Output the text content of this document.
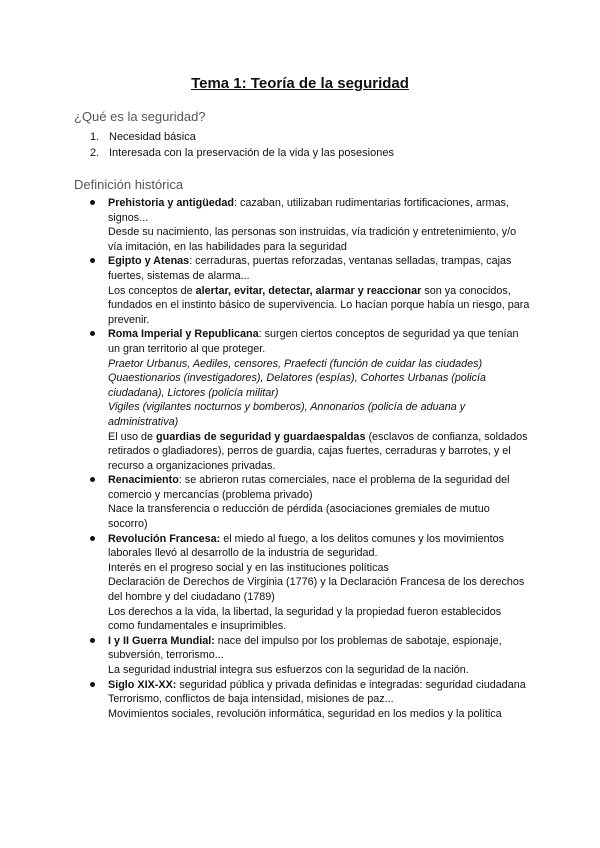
Tema 1: Teoría de la seguridad
¿Qué es la seguridad?
1. Necesidad básica
2. Interesada con la preservación de la vida y las posesiones
Definición histórica
Prehistoria y antigüedad: cazaban, utilizaban rudimentarias fortificaciones, armas, signos...
Desde su nacimiento, las personas son instruidas, vía tradición y entretenimiento, y/o vía imitación, en las habilidades para la seguridad
Egipto y Atenas: cerraduras, puertas reforzadas, ventanas selladas, trampas, cajas fuertes, sistemas de alarma...
Los conceptos de alertar, evitar, detectar, alarmar y reaccionar son ya conocidos, fundados en el instinto básico de supervivencia. Lo hacían porque había un riesgo, para prevenir.
Roma Imperial y Republicana: surgen ciertos conceptos de seguridad ya que tenían un gran territorio al que proteger.
Praetor Urbanus, Aediles, censores, Praefecti (función de cuidar las ciudades)
Quaestionarios (investigadores), Delatores (espías), Cohortes Urbanas (policía ciudadana), Lictores (policía militar)
Vigiles (vigilantes nocturnos y bomberos), Annonarios (policía de aduana y administrativa)
El uso de guardias de seguridad y guardaespaldas (esclavos de confianza, soldados retirados o gladiadores), perros de guardia, cajas fuertes, cerraduras y barrotes, y el recurso a organizaciones privadas.
Renacimiento: se abrieron rutas comerciales, nace el problema de la seguridad del comercio y mercancías (problema privado)
Nace la transferencia o reducción de pérdida (asociaciones gremiales de mutuo socorro)
Revolución Francesa: el miedo al fuego, a los delitos comunes y los movimientos laborales llevó al desarrollo de la industria de seguridad.
Interés en el progreso social y en las instituciones políticas
Declaración de Derechos de Virginia (1776) y la Declaración Francesa de los derechos del hombre y del ciudadano (1789)
Los derechos a la vida, la libertad, la seguridad y la propiedad fueron establecidos como fundamentales e insuprimibles.
I y II Guerra Mundial: nace del impulso por los problemas de sabotaje, espionaje, subversión, terrorismo...
La seguridad industrial integra sus esfuerzos con la seguridad de la nación.
Siglo XIX-XX: seguridad pública y privada definidas e integradas: seguridad ciudadana
Terrorismo, conflictos de baja intensidad, misiones de paz...
Movimientos sociales, revolución informática, seguridad en los medios y la política
